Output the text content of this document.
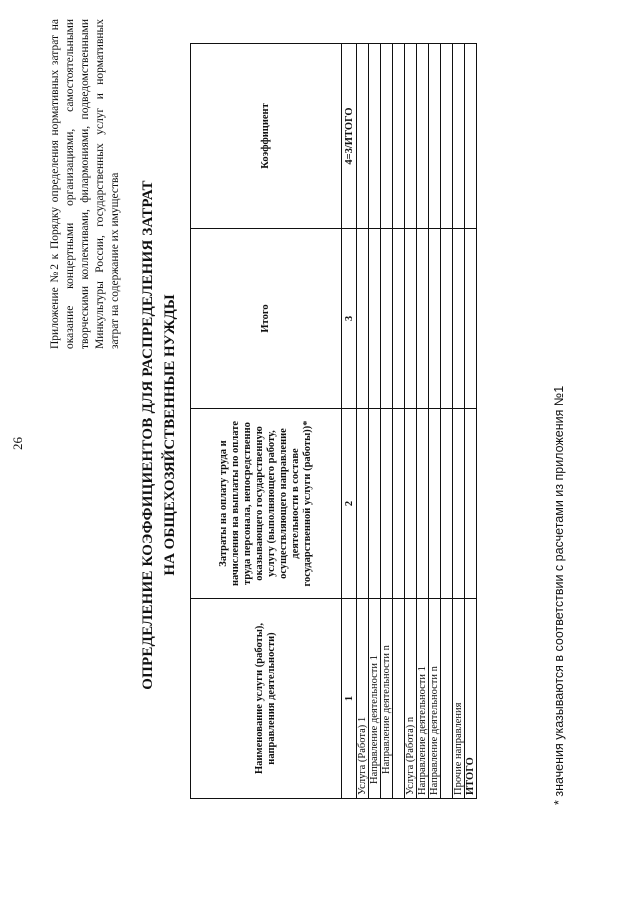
26
Приложение №2 к Порядку определения нормативных затрат на оказание концертными организациями, самостоятельными творческими коллективами, филармониями, подведомственными Минкультуры России, государственных услуг и нормативных затрат на содержание их имущества ОПРЕДЕЛЕНИЕ КОЭФФИЦИЕНТОВ ДЛЯ РАСПРЕДЕЛЕНИЯ ЗАТРАТ НА ОБЩЕХОЗЯЙСТВЕННЫЕ НУЖДЫ
Наименование услуги (работы), направления деятельности)	Затраты на оплату труда и начисления на выплаты по оплате труда персонала, непосредственно оказывающего государственную услугу (выполняющего работу, осуществляющего направление деятельности в составе государственной услуги (работы))*	Итого	Коэффициент
1	2	3	4=3/ИТОГО
Услуга (Работа) 1			
Направление деятельности 1			
Направление деятельности n			

Услуга (Работа) n			
Направление деятельности 1			
Направление деятельности n			

Прочие направления			
ИТОГО				* значения указываются в соответствии с расчетами из приложения №1
